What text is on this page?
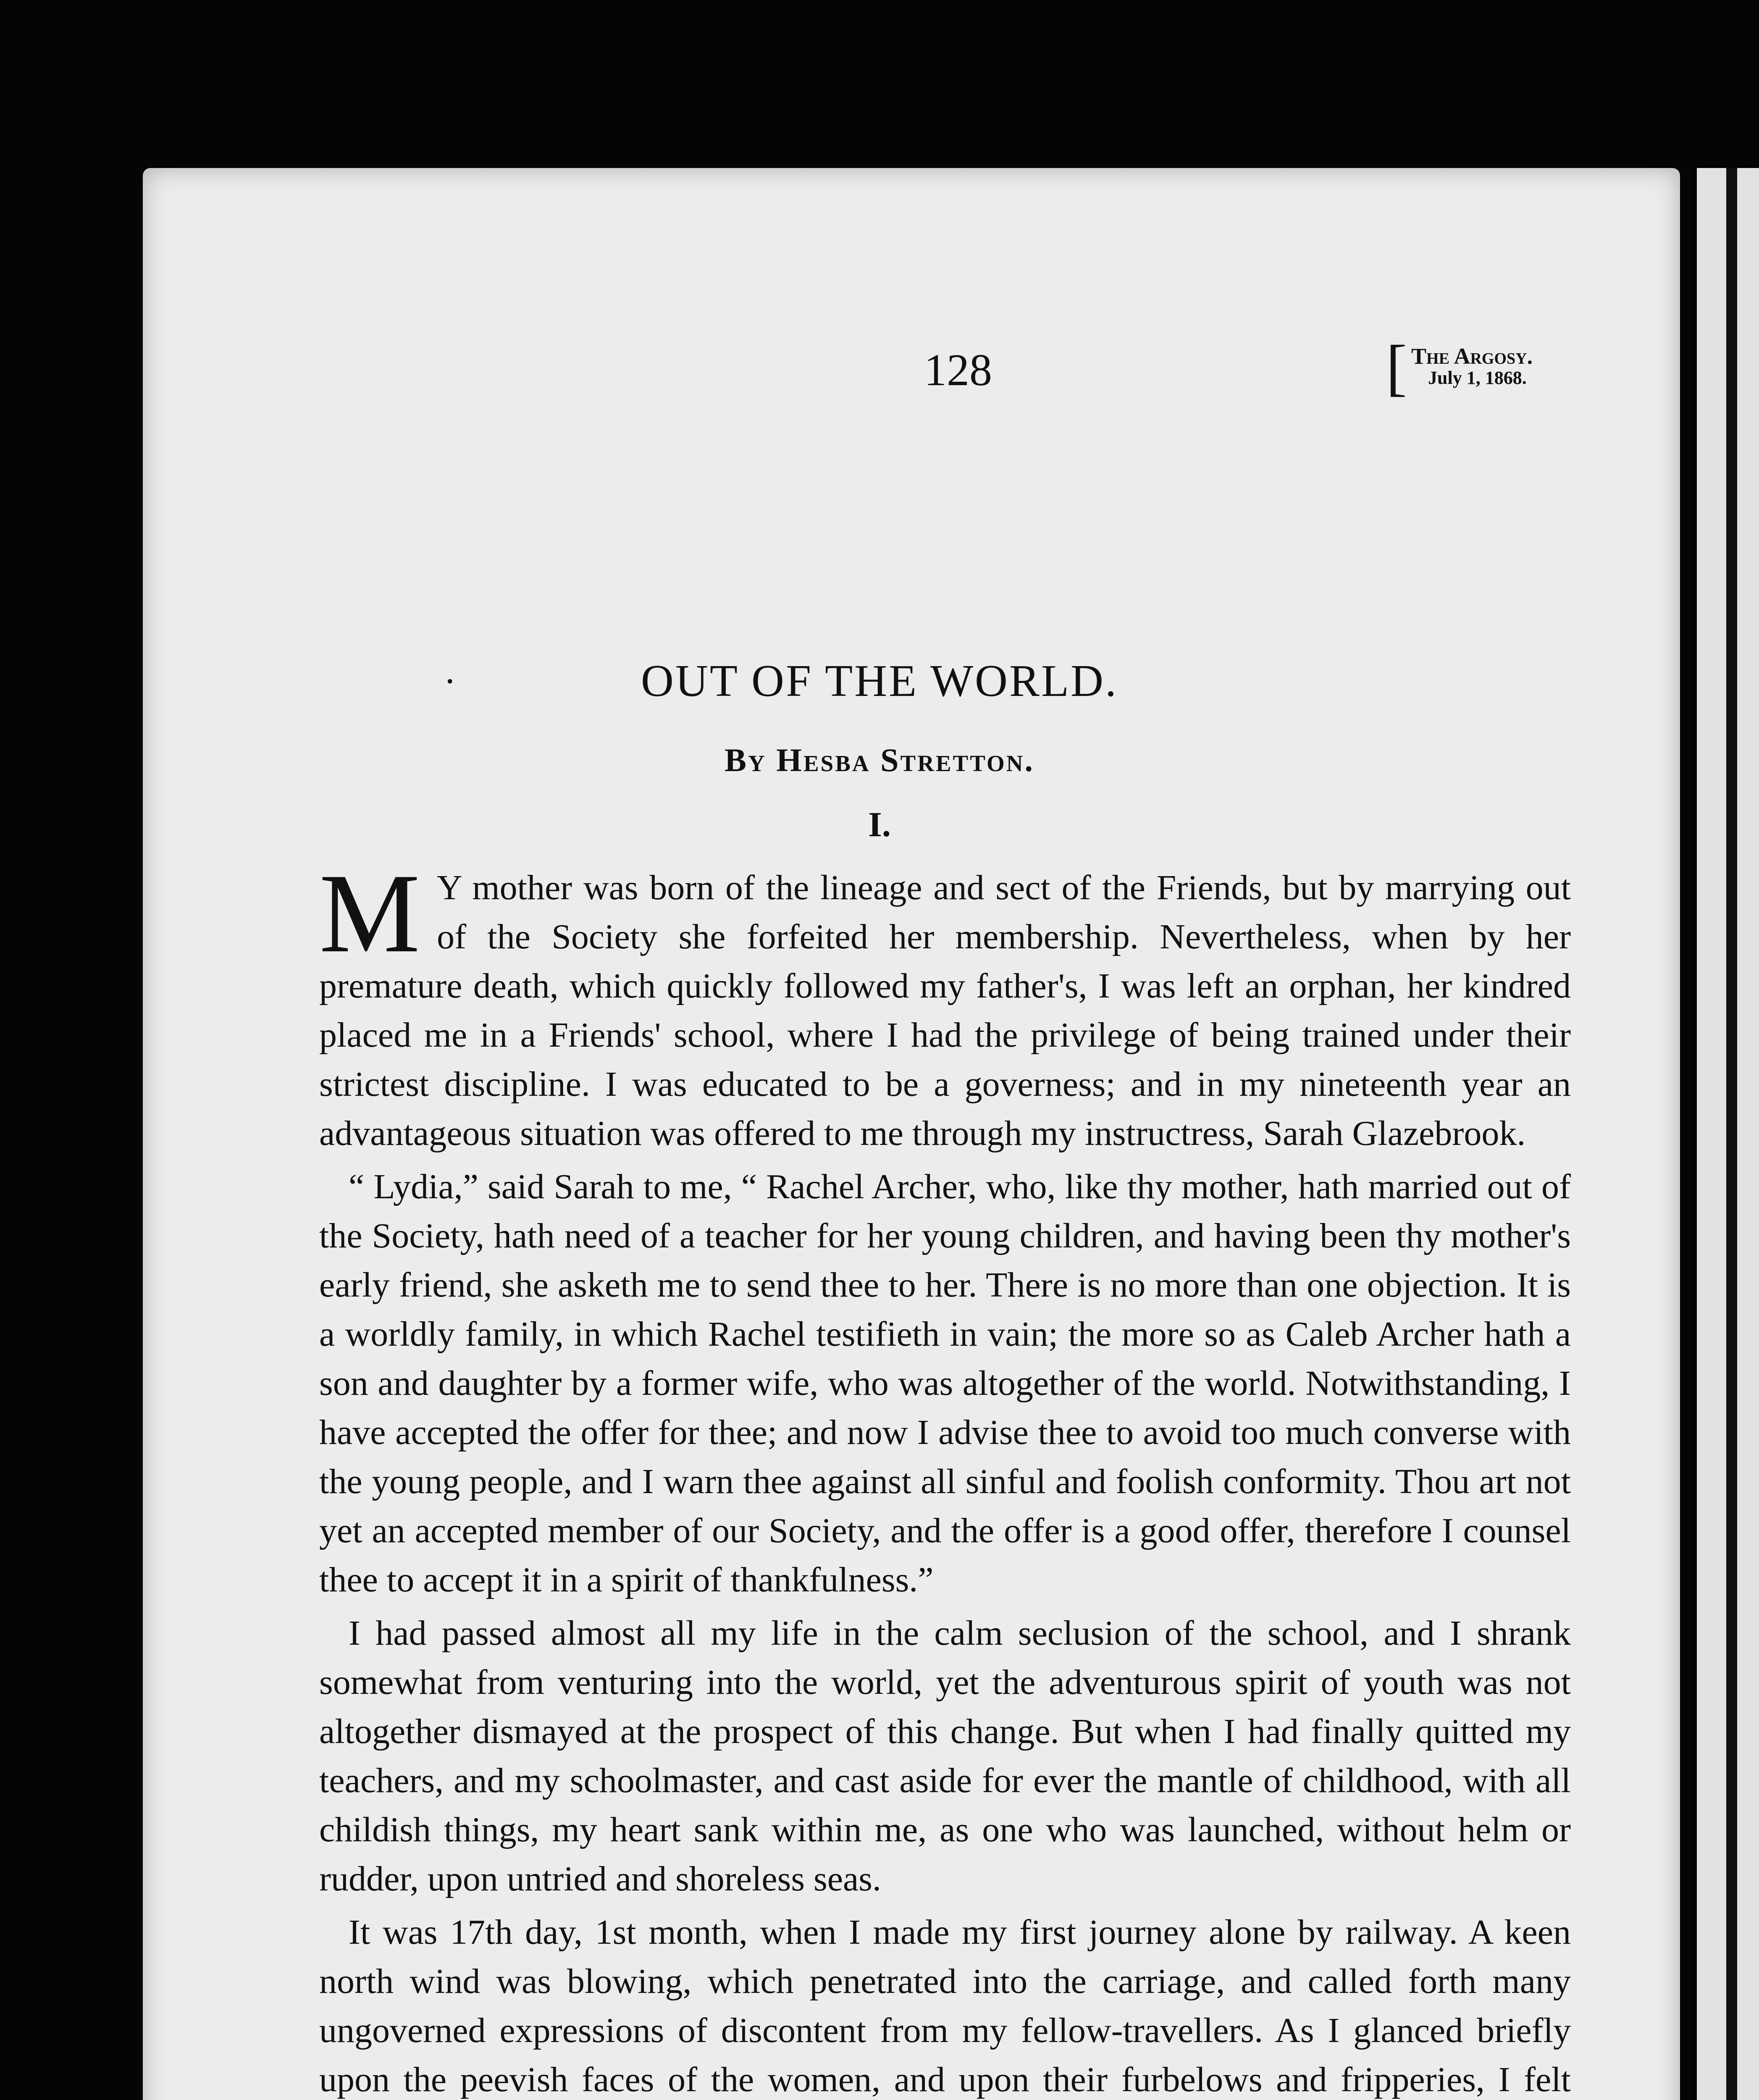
128	[ The Argosy.
July 1, 1868.
.	OUT OF THE WORLD.
By Hesba Stretton.
I.

M Y mother was born of the lineage and sect of the Friends, but by marrying out of the Society she forfeited her membership. Nevertheless, when by her premature death, which quickly followed my father's, I was left an orphan, her kindred placed me in a Friends' school, where I had the privilege of being trained under their strictest discipline. I was educated to be a governess; and in my nineteenth year an advantageous situation was offered to me through my instructress, Sarah Glazebrook.

“ Lydia,” said Sarah to me, “ Rachel Archer, who, like thy mother, hath married out of the Society, hath need of a teacher for her young children, and having been thy mother's early friend, she asketh me to send thee to her. There is no more than one objection. It is a worldly family, in which Rachel testifieth in vain; the more so as Caleb Archer hath a son and daughter by a former wife, who was altogether of the world. Notwithstanding, I have accepted the offer for thee; and now I advise thee to avoid too much converse with the young people, and I warn thee against all sinful and foolish conformity. Thou art not yet an accepted member of our Society, and the offer is a good offer, therefore I counsel thee to accept it in a spirit of thankfulness.”

I had passed almost all my life in the calm seclusion of the school, and I shrank somewhat from venturing into the world, yet the adventurous spirit of youth was not altogether dismayed at the prospect of this change. But when I had finally quitted my teachers, and my schoolmaster, and cast aside for ever the mantle of childhood, with all childish things, my heart sank within me, as one who was launched, without helm or rudder, upon untried and shoreless seas.

It was 17th day, 1st month, when I made my first journey alone by railway. A keen north wind was blowing, which penetrated into the carriage, and called forth many ungoverned expressions of discontent from my fellow-travellers. As I glanced briefly upon the peevish faces of the women, and upon their furbelows and fripperies, I felt
